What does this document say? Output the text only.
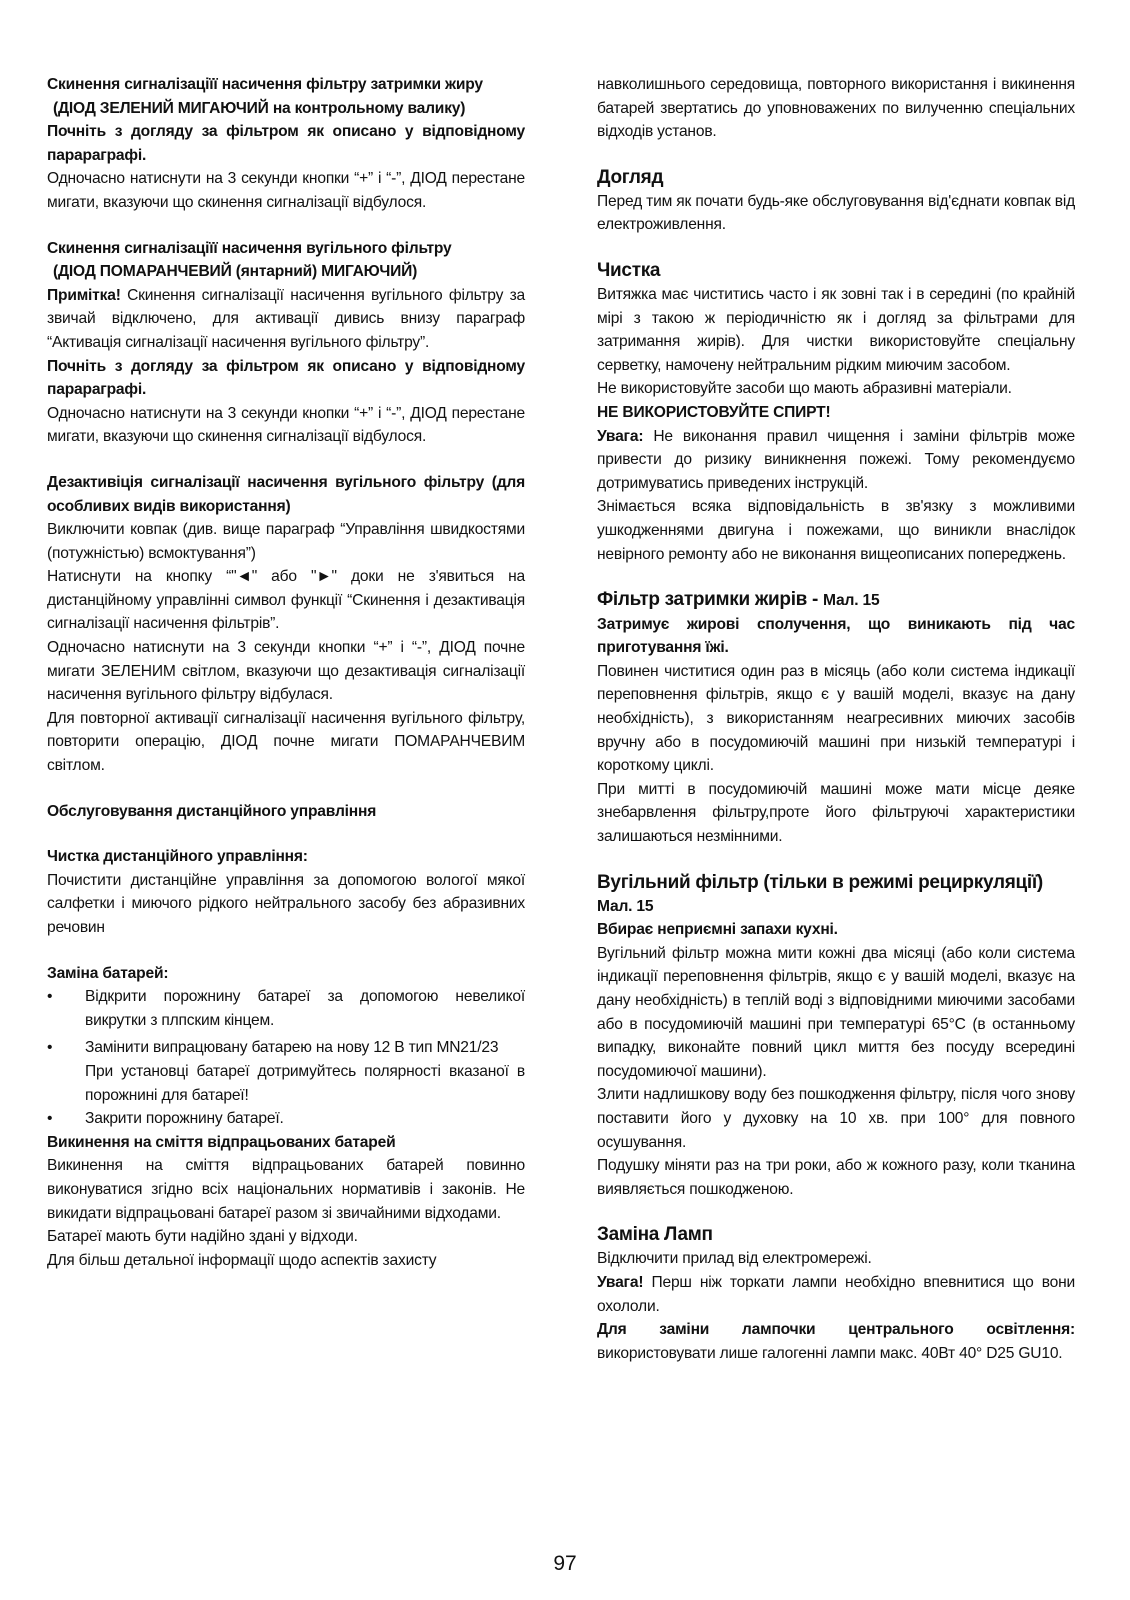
Скинення сигналізаціїї насичення фільтру затримки жиру

(ДІОД ЗЕЛЕНИЙ МИГАЮЧИЙ на контрольному валику)

Почніть з догляду за фільтром як описано у відповідному парараграфі.

Одночасно натиснути на 3 секунди кнопки “+” і “-”, ДІОД перестане мигати, вказуючи що скинення сигналізації відбулося.

Скинення сигналізаціїї насичення вугільного фільтру

(ДІОД ПОМАРАНЧЕВИЙ (янтарний) МИГАЮЧИЙ)

Примітка! Скинення сигналізації насичення вугільного фільтру за звичай відключено, для активації дивись внизу параграф “Активація сигналізації насичення вугільного фільтру”.

Почніть з догляду за фільтром як описано у відповідному парараграфі.

Одночасно натиснути на 3 секунди кнопки “+” і “-”, ДІОД перестане мигати, вказуючи що скинення сигналізації відбулося.

Дезактивіція сигналізації насичення вугільного фільтру (для особливих видів використання)

Виключити ковпак (див. вище параграф “Управління швидкостями (потужністью) всмоктування”)

Натиснути на кнопку “"◄" або "►" доки не з'явиться на дистанційному управлінні символ функції “Скинення і дезактивація сигналізації насичення фільтрів”.

Одночасно натиснути на 3 секунди кнопки “+” і “-”, ДІОД почне мигати ЗЕЛЕНИМ світлом, вказуючи що дезактивація сигналізації насичення вугільного фільтру відбулася.

Для повторної активації сигналізації насичення вугільного фільтру, повторити операцію, ДІОД почне мигати ПОМАРАНЧЕВИМ світлом.

Обслуговування дистанційного управління

Чистка дистанційного управління:

Почистити дистанційне управління за допомогою вологої мякої салфетки і миючого рідкого нейтрального засобу без абразивних речовин

Заміна батарей:

• Відкрити порожнину батареї за допомогою невеликої викрутки з плпским кінцем.
• Замінити випрацювану батарею на нову 12 В тип MN21/23
При установці батареї дотримуйтесь полярності вказаної в порожнині для батареї!
• Закрити порожнину батареї.

Викинення на сміття відпрацьованих батарей

Викинення на сміття відпрацьованих батарей повинно виконуватися згідно всіх національних нормативів і законів. Не викидати відпрацьовані батареї разом зі звичайними відходами.

Батареї мають бути надійно здані у відходи.

Для більш детальної інформації щодо аспектів захисту

навколишнього середовища, повторного використання і викинення батарей звертатись до уповноважених по вилученню спеціальних відходів установ.

Догляд

Перед тим як почати будь-яке обслуговування від'єднати ковпак від електроживлення.

Чистка

Витяжка має чиститись часто і як зовні так і в середині (по крайній мірі з такою ж періодичністю як і догляд за фільтрами для затримання жирів). Для чистки використовуйте спеціальну серветку, намочену нейтральним рідким миючим засобом.

Не використовуйте засоби що мають абразивні матеріали.

НЕ ВИКОРИСТОВУЙТЕ СПИРТ!

Увага: Не виконання правил чищення і заміни фільтрів може привести до ризику виникнення пожежі. Тому рекомендуємо дотримуватись приведених інструкцій.

Знімається всяка відповідальність в зв'язку з можливими ушкодженнями двигуна і пожежами, що виникли внаслідок невірного ремонту або не виконання вищеописаних попереджень.

Фільтр затримки жирів - Мал. 15

Затримує жирові сполучення, що виникають під час приготування їжі.

Повинен чиститися один раз в місяць (або коли система індикації переповнення фільтрів, якщо є у вашій моделі, вказує на дану необхідність), з використанням неагресивних миючих засобів вручну або в посудомиючій машині при низькій температурі і короткому циклі.

При митті в посудомиючій машині може мати місце деяке знебарвлення фільтру,проте його фільтруючі характеристики залишаються незмінними.

Вугільний фільтр (тільки в режимі рециркуляції)

Мал. 15

Вбирає неприємні запахи кухні.

Вугільний фільтр можна мити кожні два місяці (або коли система індикації переповнення фільтрів, якщо є у вашій моделі, вказує на дану необхідність) в теплій воді з відповідними миючими засобами або в посудомиючій машині при температурі 65°С (в останньому випадку, виконайте повний цикл миття без посуду всередині посудомиючої машини).

Злити надлишкову воду без пошкодження фільтру, після чого знову поставити його у духовку на 10 хв. при 100° для повного осушування.

Подушку міняти раз на три роки, або ж кожного разу, коли тканина виявляється пошкодженою.

Заміна Ламп

Відключити прилад від електромережі.

Увага! Перш ніж торкати лампи необхідно впевнитися що вони охололи.

Для заміни лампочки центрального освітлення: використовувати лише галогенні лампи макс. 40Вт 40° D25 GU10.

97
